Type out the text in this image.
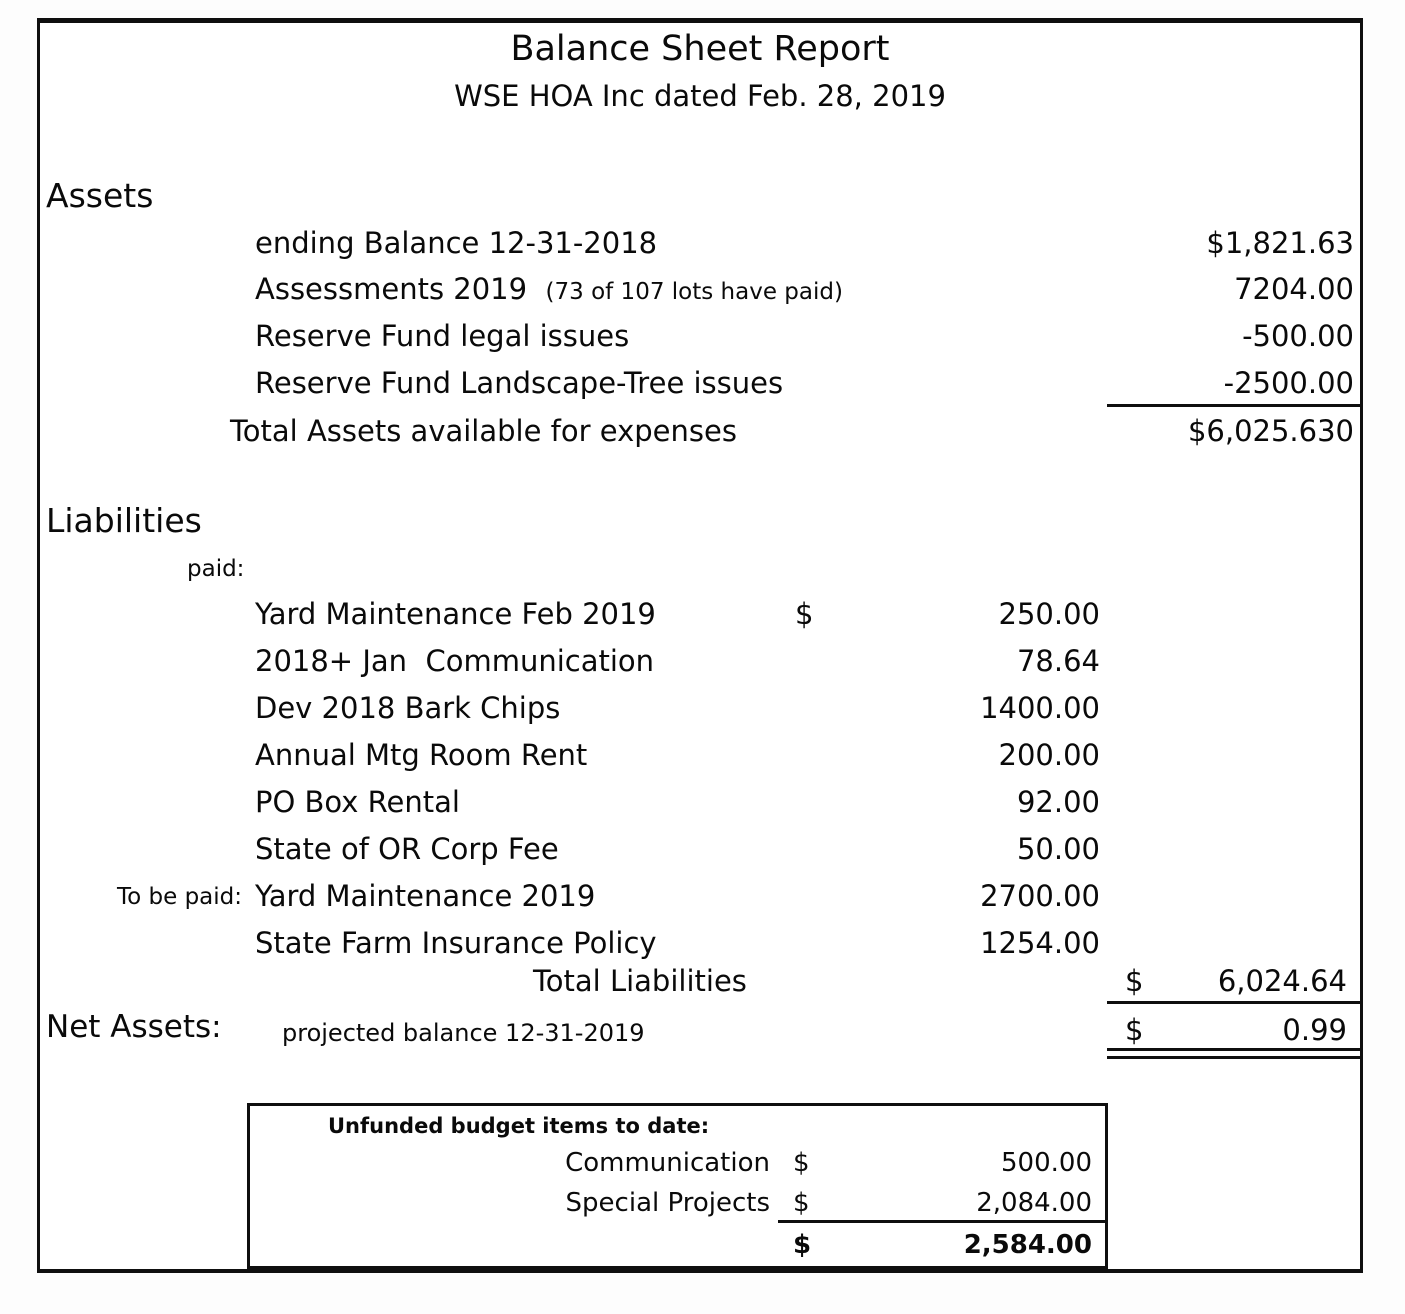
Balance Sheet Report
WSE HOA Inc dated Feb. 28, 2019
Assets
ending Balance 12-31-2018	$1,821.63
Assessments 2019 (73 of 107 lots have paid)	7204.00
Reserve Fund legal issues	-500.00
Reserve Fund Landscape-Tree issues	-2500.00
Total Assets available for expenses	$6,025.630
Liabilities
paid:
Yard Maintenance Feb 2019	$	250.00
2018+ Jan  Communication	78.64
Dev 2018 Bark Chips	1400.00
Annual Mtg Room Rent	200.00
PO Box Rental	92.00
State of OR Corp Fee	50.00
To be paid: Yard Maintenance 2019	2700.00
State Farm Insurance Policy	1254.00
Total Liabilities	$	6,024.64
Net Assets:	projected balance 12-31-2019	$	0.99
Unfunded budget items to date:
Communication $	500.00
Special Projects $	2,084.00
$	2,584.00
